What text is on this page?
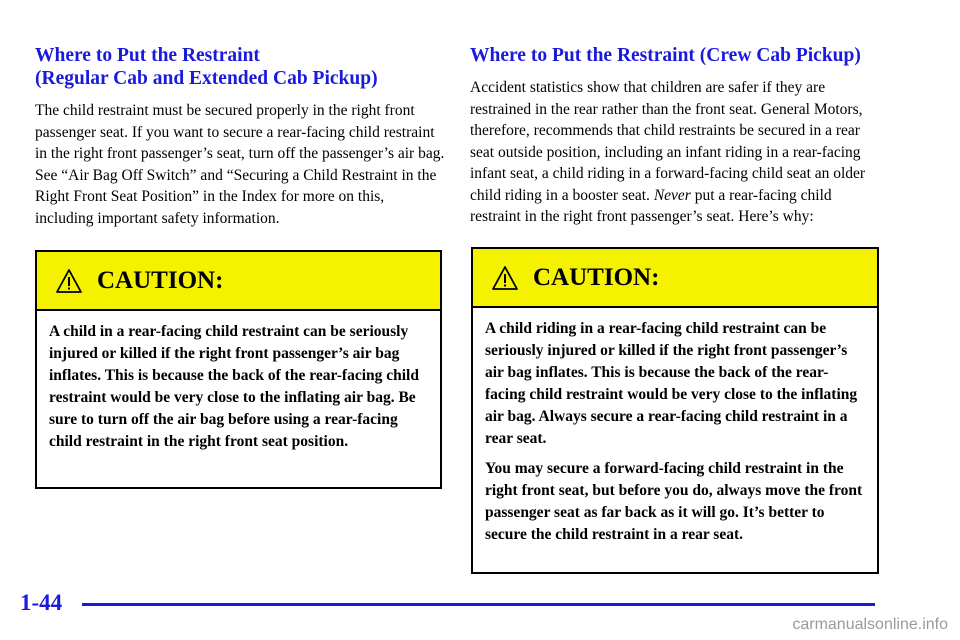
Where to Put the Restraint
(Regular Cab and Extended Cab Pickup)

The child restraint must be secured properly in the right front passenger seat. If you want to secure a rear-facing child restraint in the right front passenger’s seat, turn off the passenger’s air bag. See “Air Bag Off Switch” and “Securing a Child Restraint in the Right Front Seat Position” in the Index for more on this, including important safety information.

CAUTION:

A child in a rear-facing child restraint can be seriously injured or killed if the right front passenger’s air bag inflates. This is because the back of the rear-facing child restraint would be very close to the inflating air bag. Be sure to turn off the air bag before using a rear-facing child restraint in the right front seat position.

Where to Put the Restraint (Crew Cab Pickup)

Accident statistics show that children are safer if they are restrained in the rear rather than the front seat. General Motors, therefore, recommends that child restraints be secured in a rear seat outside position, including an infant riding in a rear-facing infant seat, a child riding in a forward-facing child seat an older child riding in a booster seat. Never put a rear-facing child restraint in the right front passenger’s seat. Here’s why:

CAUTION:

A child riding in a rear-facing child restraint can be seriously injured or killed if the right front passenger’s air bag inflates. This is because the back of the rear-facing child restraint would be very close to the inflating air bag. Always secure a rear-facing child restraint in a rear seat.

You may secure a forward-facing child restraint in the right front seat, but before you do, always move the front passenger seat as far back as it will go. It’s better to secure the child restraint in a rear seat.

1-44
carmanualsonline.info
